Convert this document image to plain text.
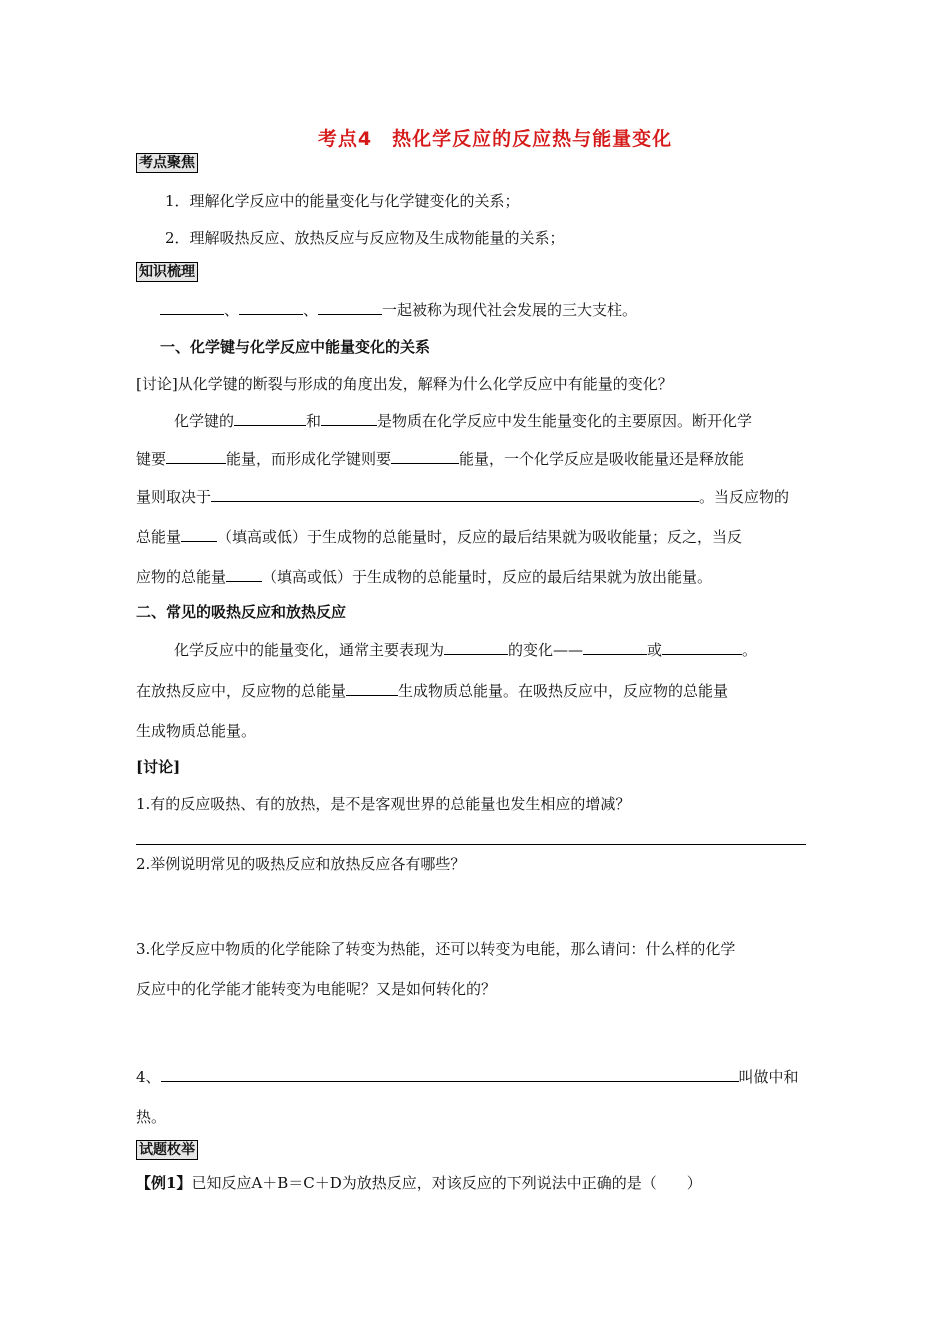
考点4　热化学反应的反应热与能量变化
考点聚焦
1．理解化学反应中的能量变化与化学键变化的关系；
2．理解吸热反应、放热反应与反应物及生成物能量的关系；
知识梳理
、	、	一起被称为现代社会发展的三大支柱。
一、化学键与化学反应中能量变化的关系
[讨论]从化学键的断裂与形成的角度出发，解释为什么化学反应中有能量的变化？
化学键的	和	是物质在化学反应中发生能量变化的主要原因。断开化学
键要	能量，而形成化学键则要	能量，一个化学反应是吸收能量还是释放能
量则取决于	。当反应物的
总能量 （填高或低）于生成物的总能量时，反应的最后结果就为吸收能量；反之，当反
应物的总能量 （填高或低）于生成物的总能量时，反应的最后结果就为放出能量。
二、常见的吸热反应和放热反应
化学反应中的能量变化，通常主要表现为	的变化——	或	。
在放热反应中，反应物的总能量	生成物质总能量。在吸热反应中，反应物的总能量
生成物质总能量。
[讨论]
1.有的反应吸热、有的放热，是不是客观世界的总能量也发生相应的增减？
2.举例说明常见的吸热反应和放热反应各有哪些？
3.化学反应中物质的化学能除了转变为热能，还可以转变为电能，那么请问：什么样的化学
反应中的化学能才能转变为电能呢？又是如何转化的？
4、	叫做中和
热。
试题枚举
【例1】已知反应A＋B＝C＋D为放热反应，对该反应的下列说法中正确的是（　　）
